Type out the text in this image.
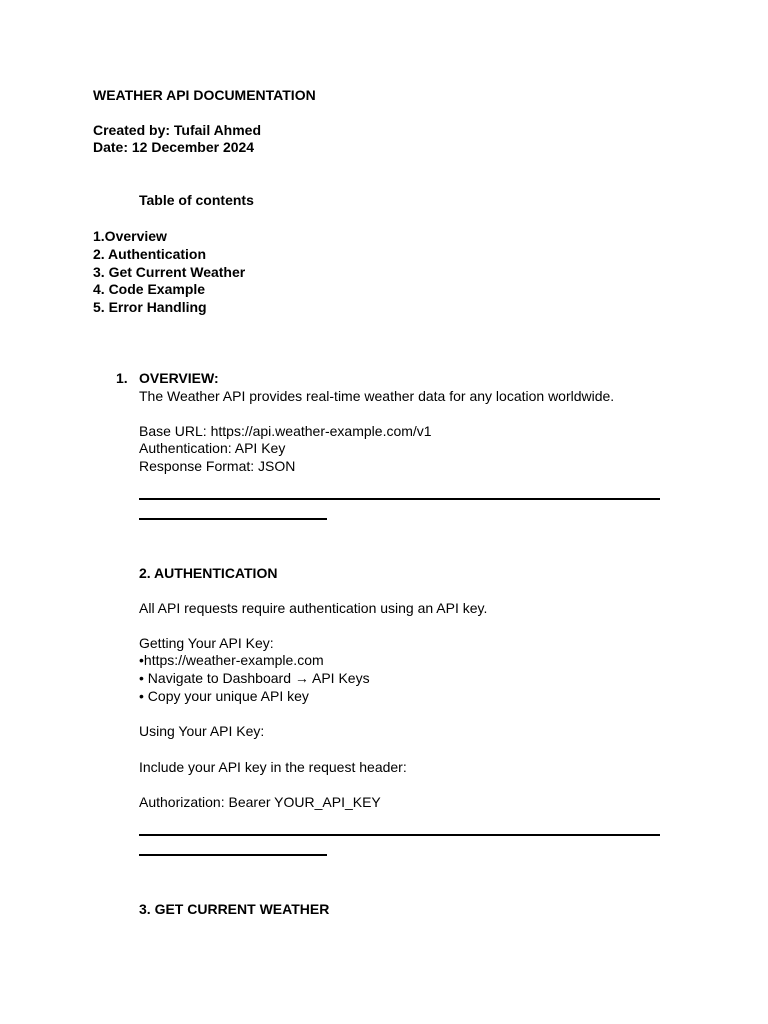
WEATHER API DOCUMENTATION
Created by: Tufail Ahmed
Date: 12 December 2024
Table of contents
1.Overview
2. Authentication
3. Get Current Weather
4. Code Example
5. Error Handling
1. OVERVIEW:
The Weather API provides real-time weather data for any location worldwide.
Base URL: https://api.weather-example.com/v1
Authentication: API Key
Response Format: JSON
2. AUTHENTICATION
All API requests require authentication using an API key.
Getting Your API Key:
•https://weather-example.com
• Navigate to Dashboard → API Keys
• Copy your unique API key
Using Your API Key:
Include your API key in the request header:
Authorization: Bearer YOUR_API_KEY
3. GET CURRENT WEATHER
